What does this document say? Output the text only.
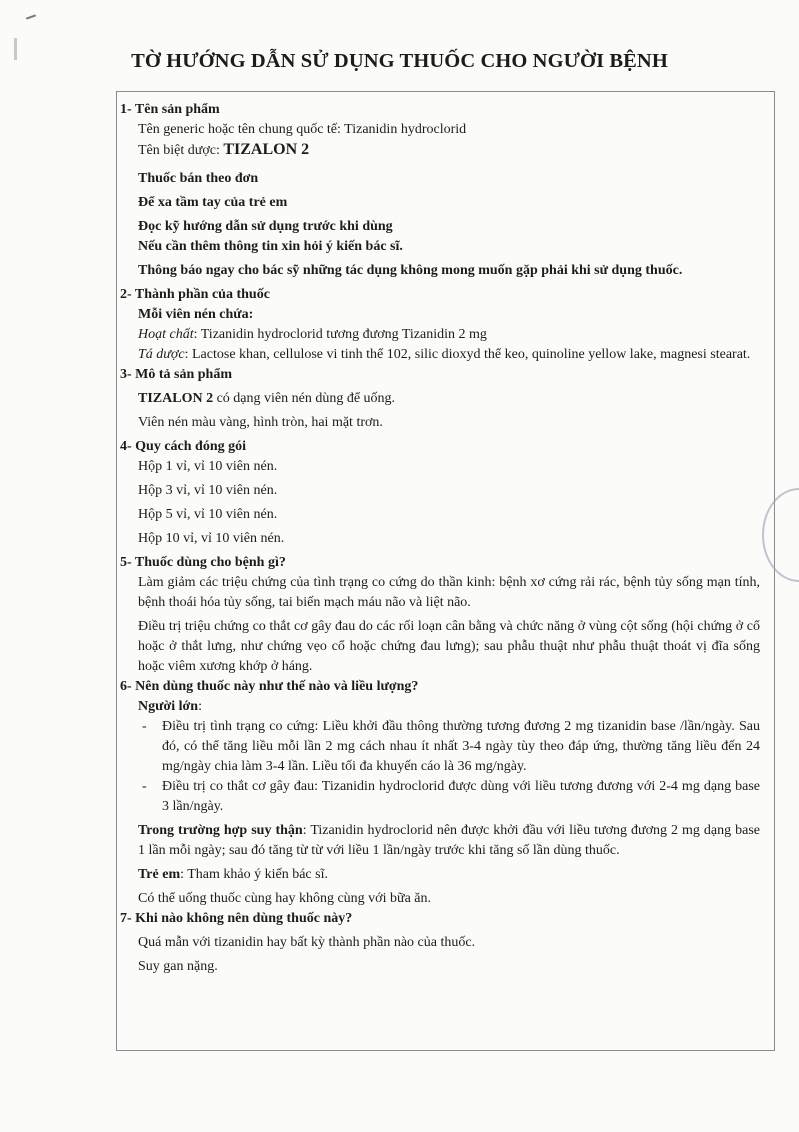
TỜ HƯỚNG DẪN SỬ DỤNG THUỐC CHO NGƯỜI BỆNH
1- Tên sản phẩm
Tên generic hoặc tên chung quốc tế: Tizanidin hydroclorid
Tên biệt dược: TIZALON 2
Thuốc bán theo đơn
Để xa tầm tay của trẻ em
Đọc kỹ hướng dẫn sử dụng trước khi dùng
Nếu cần thêm thông tin xin hỏi ý kiến bác sĩ.
Thông báo ngay cho bác sỹ những tác dụng không mong muốn gặp phải khi sử dụng thuốc.
2- Thành phần của thuốc
Mỗi viên nén chứa:
Hoạt chất: Tizanidin hydroclorid tương đương Tizanidin 2 mg
Tá dược: Lactose khan, cellulose vi tinh thể 102, silic dioxyd thể keo, quinoline yellow lake, magnesi stearat.
3- Mô tả sản phẩm
TIZALON 2 có dạng viên nén dùng để uống.
Viên nén màu vàng, hình tròn, hai mặt trơn.
4- Quy cách đóng gói
Hộp 1 vỉ, vỉ 10 viên nén.
Hộp 3 vỉ, vỉ 10 viên nén.
Hộp 5 vỉ, vỉ 10 viên nén.
Hộp 10 vỉ, vỉ 10 viên nén.
5- Thuốc dùng cho bệnh gì?
Làm giảm các triệu chứng của tình trạng co cứng do thần kinh: bệnh xơ cứng rải rác, bệnh tủy sống mạn tính, bệnh thoái hóa tủy sống, tai biến mạch máu não và liệt não.
Điều trị triệu chứng co thắt cơ gây đau do các rối loạn cân bằng và chức năng ở vùng cột sống (hội chứng ở cổ hoặc ở thắt lưng, như chứng vẹo cổ hoặc chứng đau lưng); sau phẫu thuật như phẫu thuật thoát vị đĩa sống hoặc viêm xương khớp ở háng.
6- Nên dùng thuốc này như thế nào và liều lượng?
Người lớn:
- Điều trị tình trạng co cứng: Liều khởi đầu thông thường tương đương 2 mg tizanidin base /lần/ngày. Sau đó, có thể tăng liều mỗi lần 2 mg cách nhau ít nhất 3-4 ngày tùy theo đáp ứng, thường tăng liều đến 24 mg/ngày chia làm 3-4 lần. Liều tối đa khuyến cáo là 36 mg/ngày.
- Điều trị co thắt cơ gây đau: Tizanidin hydroclorid được dùng với liều tương đương với 2-4 mg dạng base 3 lần/ngày.
Trong trường hợp suy thận: Tizanidin hydroclorid nên được khởi đầu với liều tương đương 2 mg dạng base 1 lần mỗi ngày; sau đó tăng từ từ với liều 1 lần/ngày trước khi tăng số lần dùng thuốc.
Trẻ em: Tham khảo ý kiến bác sĩ.
Có thể uống thuốc cùng hay không cùng với bữa ăn.
7- Khi nào không nên dùng thuốc này?
Quá mẫn với tizanidin hay bất kỳ thành phần nào của thuốc.
Suy gan nặng.
